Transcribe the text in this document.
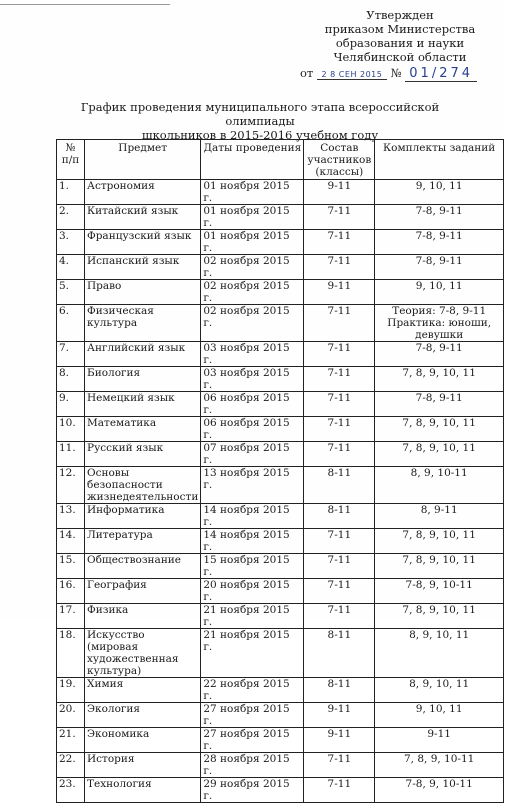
Утвержден
приказом Министерства
образования и науки
Челябинской области
от 2 8 СЕН 2015 № 01/274
График проведения муниципального этапа всероссийской олимпиады
школьников в 2015-2016 учебном году
№ п/п	Предмет	Даты проведения	Состав участников (классы)	Комплекты заданий
1.	Астрономия	01 ноября 2015 г.	9-11	9, 10, 11
2.	Китайский язык	01 ноября 2015 г.	7-11	7-8, 9-11
3.	Французский язык	01 ноября 2015 г.	7-11	7-8, 9-11
4.	Испанский язык	02 ноября 2015 г.	7-11	7-8, 9-11
5.	Право	02 ноября 2015 г.	9-11	9, 10, 11
6.	Физическая культура	02 ноября 2015 г.	7-11	Теория: 7-8, 9-11 Практика: юноши, девушки
7.	Английский язык	03 ноября 2015 г.	7-11	7-8, 9-11
8.	Биология	03 ноября 2015 г.	7-11	7, 8, 9, 10, 11
9.	Немецкий язык	06 ноября 2015 г.	7-11	7-8, 9-11
10.	Математика	06 ноября 2015 г.	7-11	7, 8, 9, 10, 11
11.	Русский язык	07 ноября 2015 г.	7-11	7, 8, 9, 10, 11
12.	Основы безопасности жизнедеятельности	13 ноября 2015 г.	8-11	8, 9, 10-11
13.	Информатика	14 ноября 2015 г.	8-11	8, 9-11
14.	Литература	14 ноября 2015 г.	7-11	7, 8, 9, 10, 11
15.	Обществознание	15 ноября 2015 г.	7-11	7, 8, 9, 10, 11
16.	География	20 ноября 2015 г.	7-11	7-8, 9, 10-11
17.	Физика	21 ноября 2015 г.	7-11	7, 8, 9, 10, 11
18.	Искусство (мировая художественная культура)	21 ноября 2015 г.	8-11	8, 9, 10, 11
19.	Химия	22 ноября 2015 г.	8-11	8, 9, 10, 11
20.	Экология	27 ноября 2015 г.	9-11	9, 10, 11
21.	Экономика	27 ноября 2015 г.	9-11	9-11
22.	История	28 ноября 2015 г.	7-11	7, 8, 9, 10-11
23.	Технология	29 ноября 2015 г.	7-11	7-8, 9, 10-11
